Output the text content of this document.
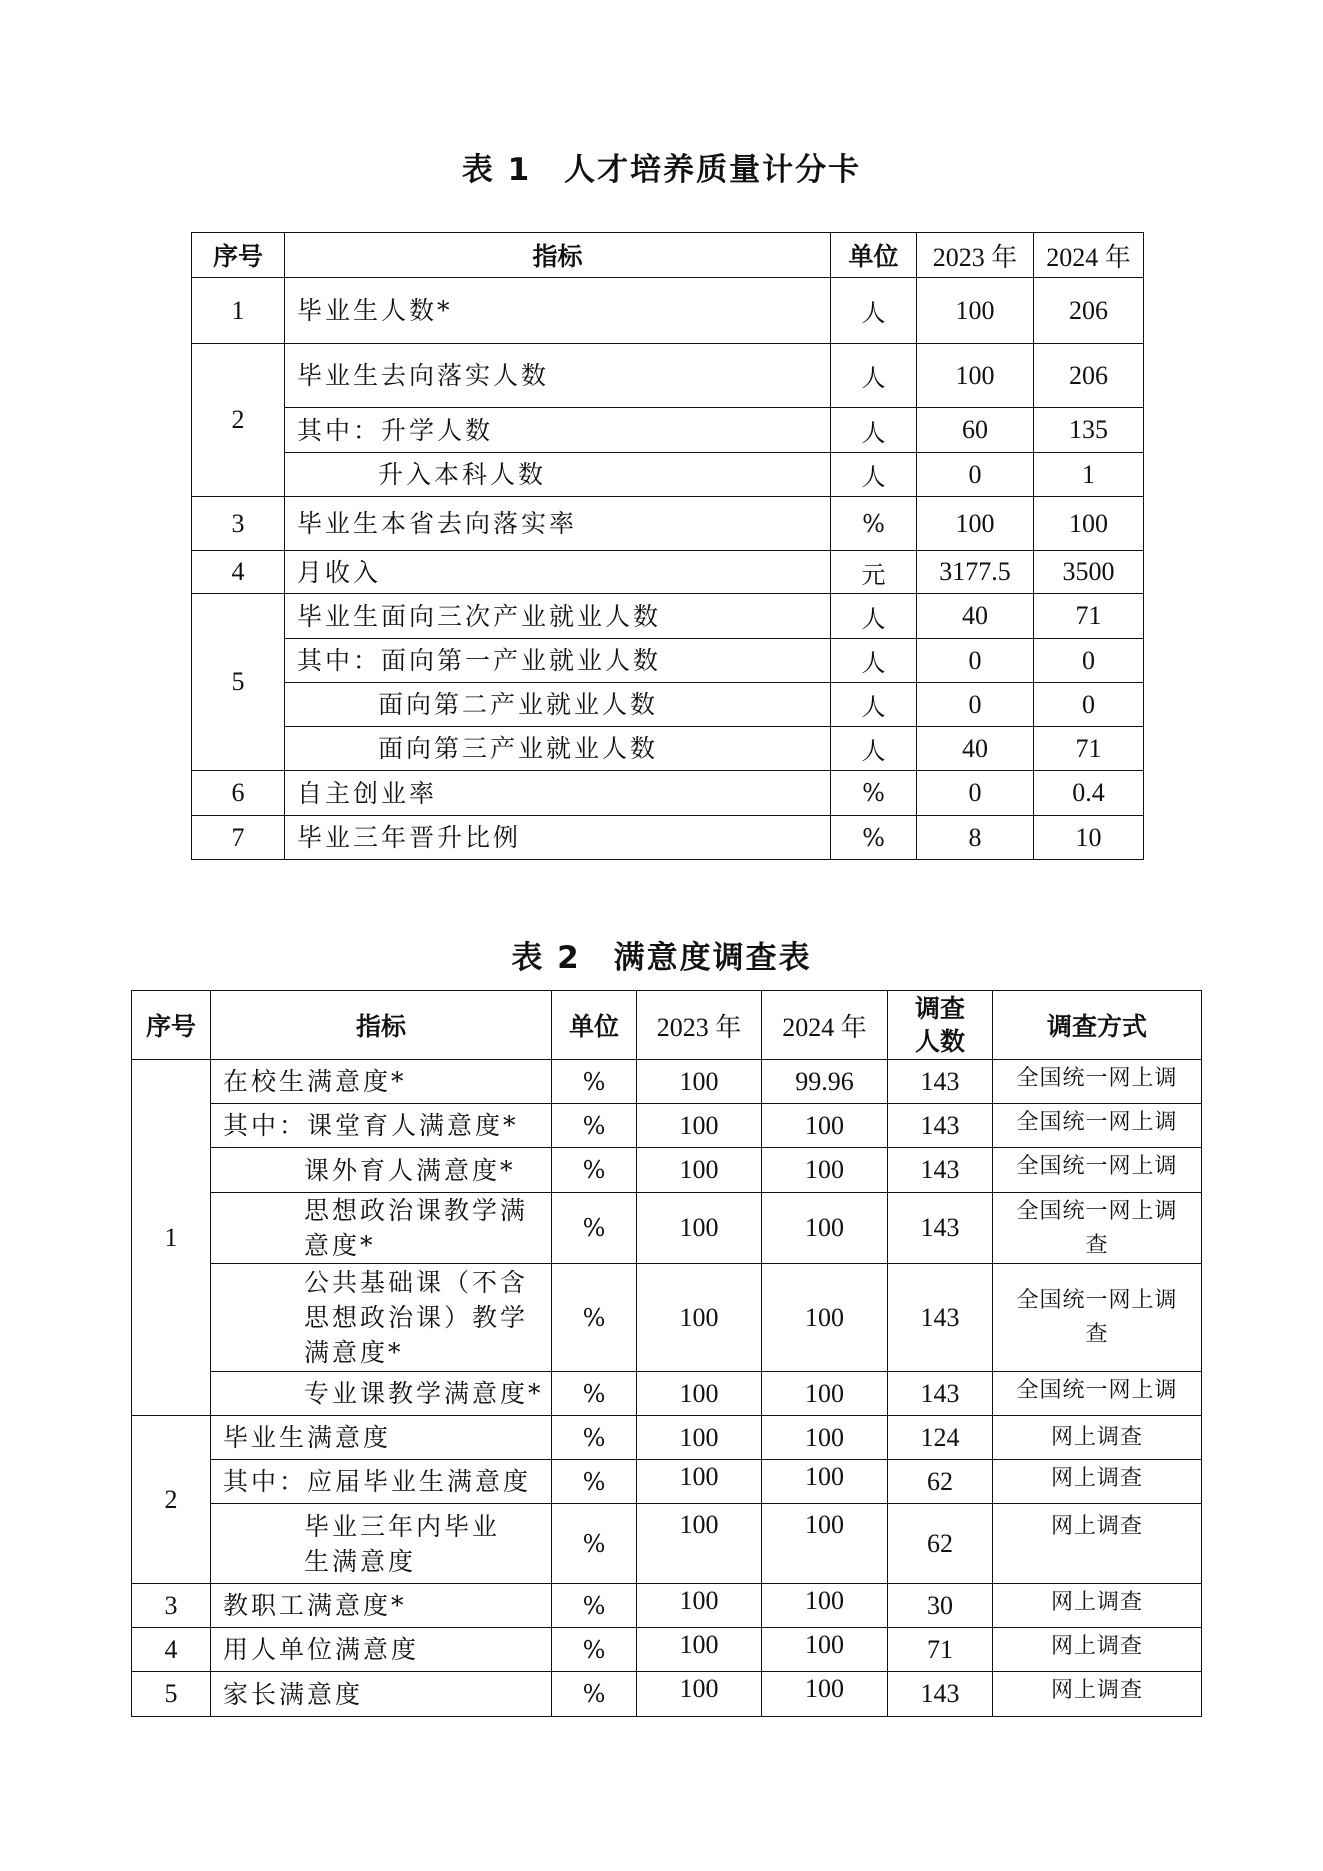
表 1　人才培养质量计分卡
序号	指标	单位	2023 年	2024 年
1	毕业生人数*	人	100	206
2	毕业生去向落实人数	人	100	206
	其中：升学人数	人	60	135
	升入本科人数	人	0	1
3	毕业生本省去向落实率	%	100	100
4	月收入	元	3177.5	3500
5	毕业生面向三次产业就业人数	人	40	71
	其中：面向第一产业就业人数	人	0	0
	面向第二产业就业人数	人	0	0
	面向第三产业就业人数	人	40	71
6	自主创业率	%	0	0.4
7	毕业三年晋升比例	%	8	10
表 2　满意度调查表
序号	指标	单位	2023 年	2024 年	调查人数	调查方式
1	在校生满意度*	%	100	99.96	143	全国统一网上调
	其中：课堂育人满意度*	%	100	100	143	全国统一网上调
	课外育人满意度*	%	100	100	143	全国统一网上调
	思想政治课教学满意度*	%	100	100	143	全国统一网上调查
	公共基础课（不含思想政治课）教学满意度*	%	100	100	143	全国统一网上调查
	专业课教学满意度*	%	100	100	143	全国统一网上调
2	毕业生满意度	%	100	100	124	网上调查
	其中：应届毕业生满意度	%	100	100	62	网上调查
	毕业三年内毕业生满意度	%	100	100	62	网上调查
3	教职工满意度*	%	100	100	30	网上调查
4	用人单位满意度	%	100	100	71	网上调查
5	家长满意度	%	100	100	143	网上调查
